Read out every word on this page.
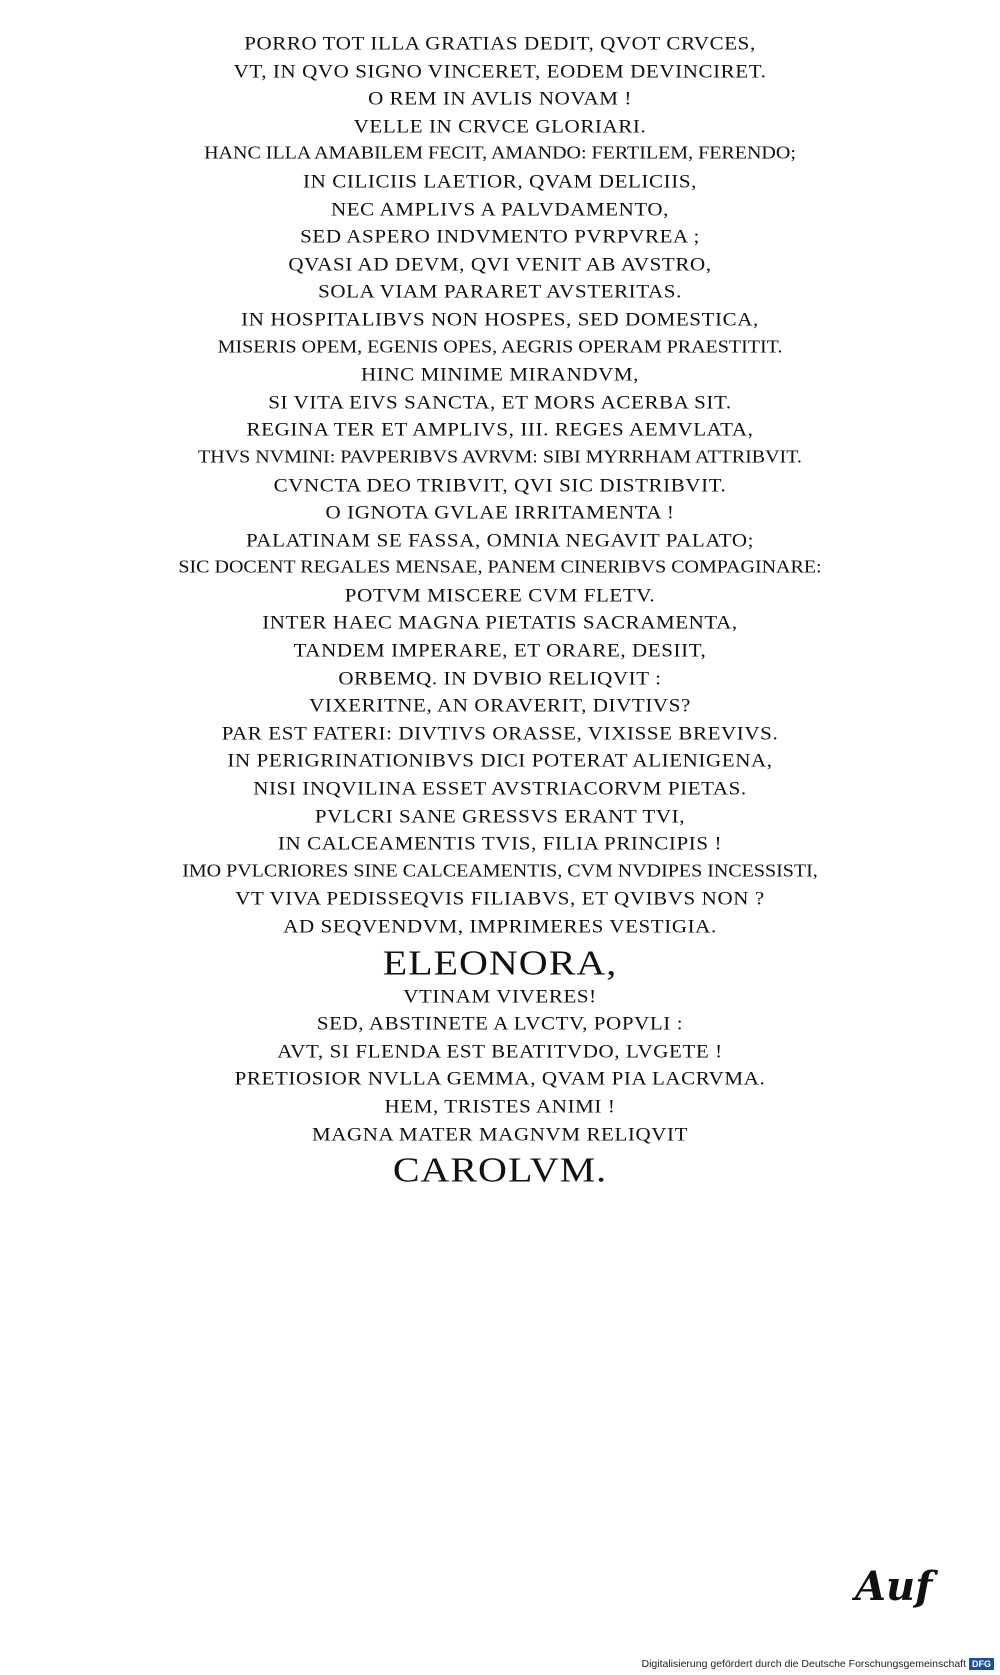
PORRO TOT ILLA GRATIAS DEDIT, QVOT CRVCES,
VT, IN QVO SIGNO VINCERET, EODEM DEVINCIRET.
O REM IN AVLIS NOVAM !
VELLE IN CRVCE GLORIARI.
HANC ILLA AMABILEM FECIT, AMANDO: FERTILEM, FERENDO;
IN CILICIIS LAETIOR, QVAM DELICIIS,
NEC AMPLIVS A PALVDAMENTO,
SED ASPERO INDVMENTO PVRPVREA ;
QVASI AD DEVM, QVI VENIT AB AVSTRO,
SOLA VIAM PARARET AVSTERITAS.
IN HOSPITALIBVS NON HOSPES, SED DOMESTICA,
MISERIS OPEM, EGENIS OPES, AEGRIS OPERAM PRAESTITIT.
HINC MINIME MIRANDVM,
SI VITA EIVS SANCTA, ET MORS ACERBA SIT.
REGINA TER ET AMPLIVS, III. REGES AEMVLATA,
THVS NVMINI: PAVPERIBVS AVRVM: SIBI MYRRHAM ATTRIBVIT.
CVNCTA DEO TRIBVIT, QVI SIC DISTRIBVIT.
O IGNOTA GVLAE IRRITAMENTA !
PALATINAM SE FASSA, OMNIA NEGAVIT PALATO;
SIC DOCENT REGALES MENSAE, PANEM CINERIBVS COMPAGINARE:
POTVM MISCERE CVM FLETV.
INTER HAEC MAGNA PIETATIS SACRAMENTA,
TANDEM IMPERARE, ET ORARE, DESIIT,
ORBEMQ. IN DVBIO RELIQVIT :
VIXERITNE, AN ORAVERIT, DIVTIVS?
PAR EST FATERI: DIVTIVS ORASSE, VIXISSE BREVIVS.
IN PERIGRINATIONIBVS DICI POTERAT ALIENIGENA,
NISI INQVILINA ESSET AVSTRIACORVM PIETAS.
PVLCRI SANE GRESSVS ERANT TVI,
IN CALCEAMENTIS TVIS, FILIA PRINCIPIS !
IMO PVLCRIORES SINE CALCEAMENTIS, CVM NVDIPES INCESSISTI,
VT VIVA PEDISSEQVIS FILIABVS, ET QVIBVS NON ?
AD SEQVENDVM, IMPRIMERES VESTIGIA.
ELEONORA,
VTINAM VIVERES!
SED, ABSTINETE A LVCTV, POPVLI :
AVT, SI FLENDA EST BEATITVDO, LVGETE !
PRETIOSIOR NVLLA GEMMA, QVAM PIA LACRVMA.
HEM, TRISTES ANIMI !
MAGNA MATER MAGNVM RELIQVIT
CAROLVM.
Auf
Digitalisierung gefördert durch die Deutsche Forschungsgemeinschaft DFG
